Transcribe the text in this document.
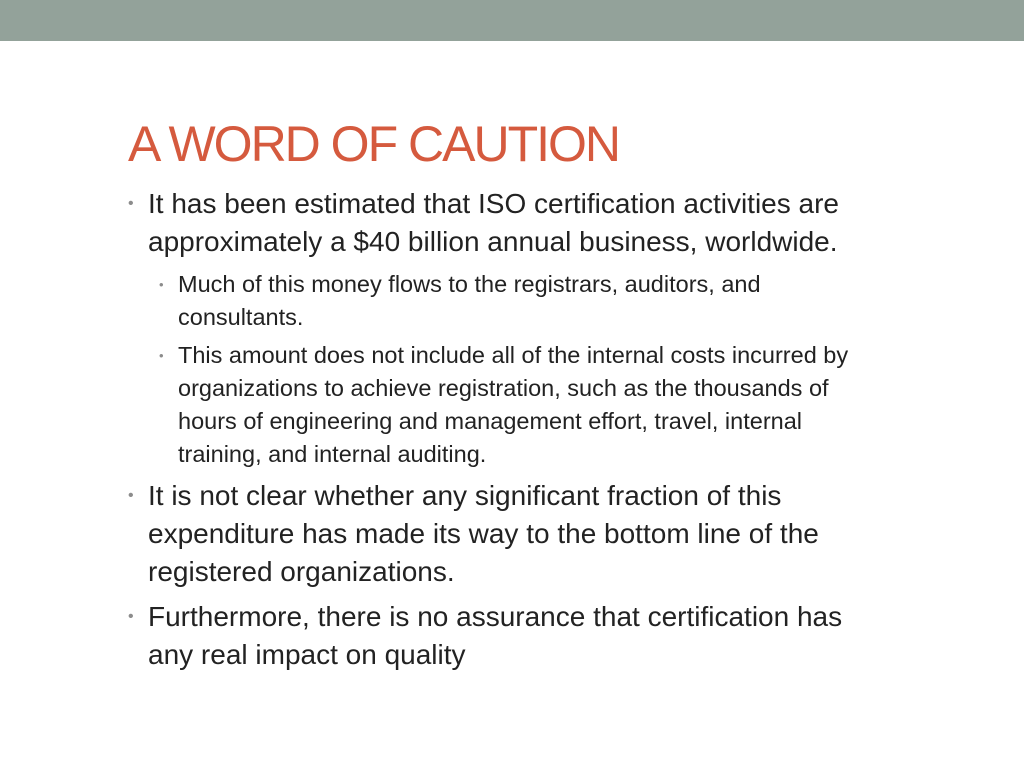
A WORD OF CAUTION
• It has been estimated that ISO certification activities are approximately a $40 billion annual business, worldwide.
• Much of this money flows to the registrars, auditors, and consultants.
• This amount does not include all of the internal costs incurred by organizations to achieve registration, such as the thousands of hours of engineering and management effort, travel, internal training, and internal auditing.
• It is not clear whether any significant fraction of this expenditure has made its way to the bottom line of the registered organizations.
• Furthermore, there is no assurance that certification has any real impact on quality
